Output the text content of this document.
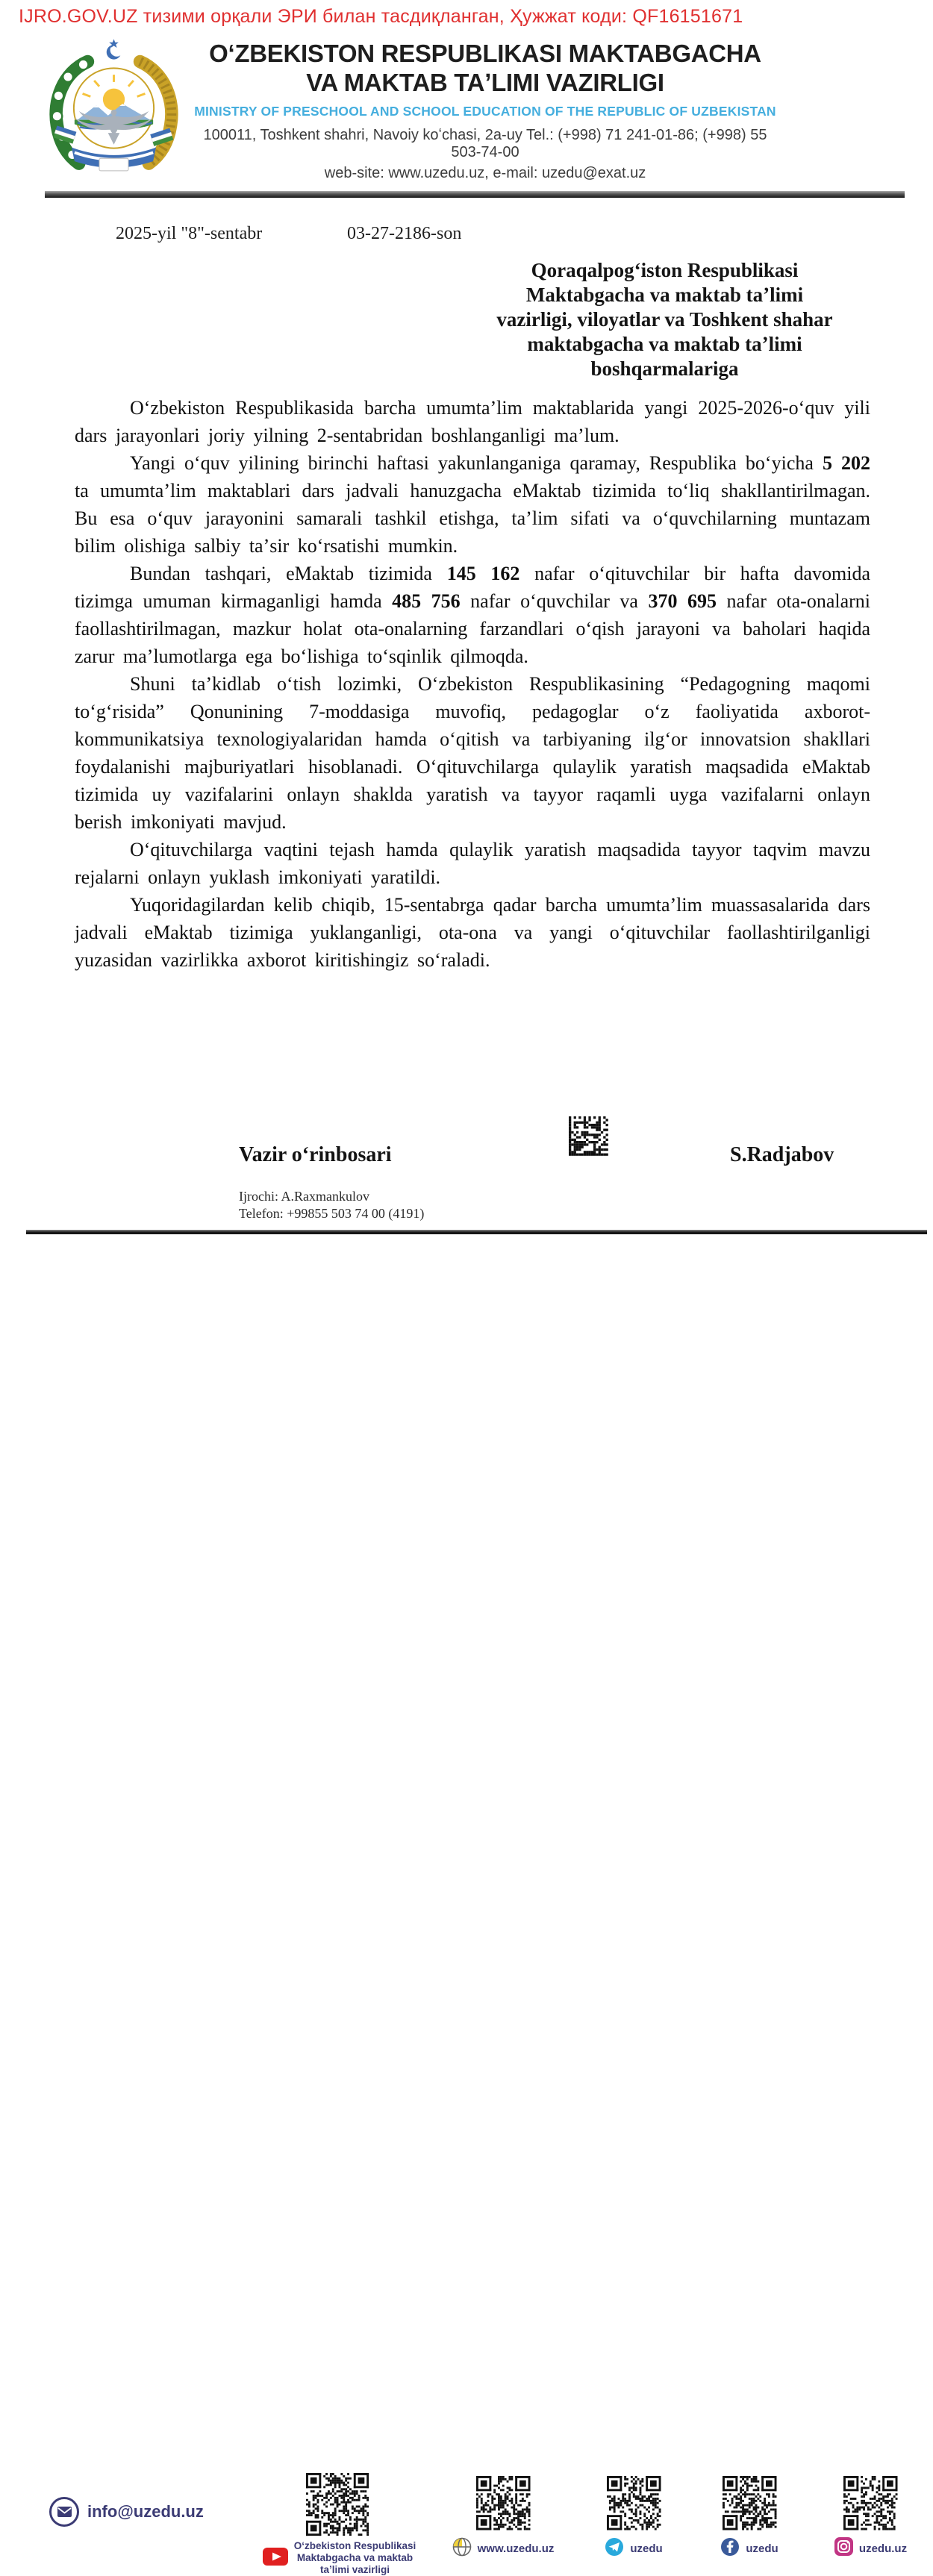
IJRO.GOV.UZ тизими орқали ЭРИ билан тасдиқланган, Ҳужжат коди: QF16151671
OʻZBEKISTON RESPUBLIKASI MAKTABGACHA
VA MAKTAB TAʼLIMI VAZIRLIGI
MINISTRY OF PRESCHOOL AND SCHOOL EDUCATION OF THE REPUBLIC OF UZBEKISTAN
100011, Toshkent shahri, Navoiy koʻchasi, 2a-uy Tel.: (+998) 71 241-01-86; (+998) 55 503-74-00
web-site: www.uzedu.uz, e-mail: uzedu@exat.uz
2025-yil "8"-sentabr	03-27-2186-son
Qoraqalpogʻiston Respublikasi
Maktabgacha va maktab taʼlimi
vazirligi, viloyatlar va Toshkent shahar
maktabgacha va maktab taʼlimi
boshqarmalariga

Oʻzbekiston Respublikasida barcha umumtaʼlim maktablarida yangi 2025-2026-oʻquv yili dars jarayonlari joriy yilning 2-sentabridan boshlanganligi maʼlum.

Yangi oʻquv yilining birinchi haftasi yakunlanganiga qaramay, Respublika boʻyicha 5 202 ta umumtaʼlim maktablari dars jadvali hanuzgacha eMaktab tizimida toʻliq shakllantirilmagan. Bu esa oʻquv jarayonini samarali tashkil etishga, taʼlim sifati va oʻquvchilarning muntazam bilim olishiga salbiy taʼsir koʻrsatishi mumkin.

Bundan tashqari, eMaktab tizimida 145 162 nafar oʻqituvchilar bir hafta davomida tizimga umuman kirmaganligi hamda 485 756 nafar oʻquvchilar va 370 695 nafar ota-onalarni faollashtirilmagan, mazkur holat ota-onalarning farzandlari oʻqish jarayoni va baholari haqida zarur maʼlumotlarga ega boʻlishiga toʻsqinlik qilmoqda.

Shuni taʼkidlab oʻtish lozimki, Oʻzbekiston Respublikasining “Pedagogning maqomi toʻgʻrisida” Qonunining 7-moddasiga muvofiq, pedagoglar oʻz faoliyatida axborot-kommunikatsiya texnologiyalaridan hamda oʻqitish va tarbiyaning ilgʻor innovatsion shakllari foydalanishi majburiyatlari hisoblanadi. Oʻqituvchilarga qulaylik yaratish maqsadida eMaktab tizimida uy vazifalarini onlayn shaklda yaratish va tayyor raqamli uyga vazifalarni onlayn berish imkoniyati mavjud.

Oʻqituvchilarga vaqtini tejash hamda qulaylik yaratish maqsadida tayyor taqvim mavzu rejalarni onlayn yuklash imkoniyati yaratildi.

Yuqoridagilardan kelib chiqib, 15-sentabrga qadar barcha umumtaʼlim muassasalarida dars jadvali eMaktab tizimiga yuklanganligi, ota-ona va yangi oʻqituvchilar faollashtirilganligi yuzasidan vazirlikka axborot kiritishingiz soʻraladi.

Vazir oʻrinbosari	S.Radjabov
Ijrochi: A.Raxmankulov
Telefon: +99855 503 74 00 (4191)
info@uzedu.uz
Oʻzbekiston Respublikasi
Maktabgacha va maktab
taʼlimi vazirligi
www.uzedu.uz	uzedu	uzedu	uzedu.uz
